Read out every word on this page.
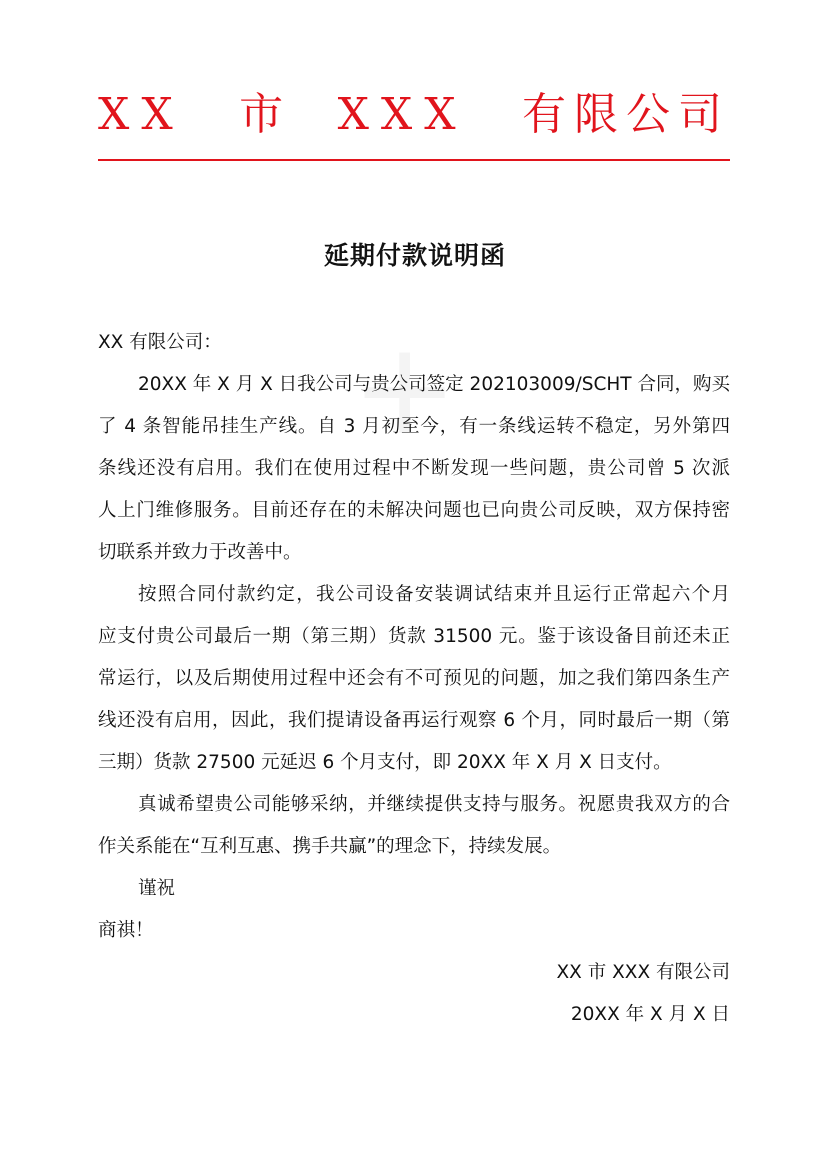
XX 市 XXX 有限公司
延期付款说明函
XX 有限公司：
20XX 年 X 月 X 日我公司与贵公司签定 202103009/SCHT 合同，购买
了 4 条智能吊挂生产线。自 3 月初至今，有一条线运转不稳定，另外第四
条线还没有启用。我们在使用过程中不断发现一些问题，贵公司曾 5 次派
人上门维修服务。目前还存在的未解决问题也已向贵公司反映，双方保持密
切联系并致力于改善中。
按照合同付款约定，我公司设备安装调试结束并且运行正常起六个月
应支付贵公司最后一期（第三期）货款 31500 元。鉴于该设备目前还未正
常运行，以及后期使用过程中还会有不可预见的问题，加之我们第四条生产
线还没有启用，因此，我们提请设备再运行观察 6 个月，同时最后一期（第
三期）货款 27500 元延迟 6 个月支付，即 20XX 年 X 月 X 日支付。
真诚希望贵公司能够采纳，并继续提供支持与服务。祝愿贵我双方的合
作关系能在“互利互惠、携手共赢”的理念下，持续发展。
谨祝
商祺！
XX 市 XXX 有限公司
20XX 年 X 月 X 日
